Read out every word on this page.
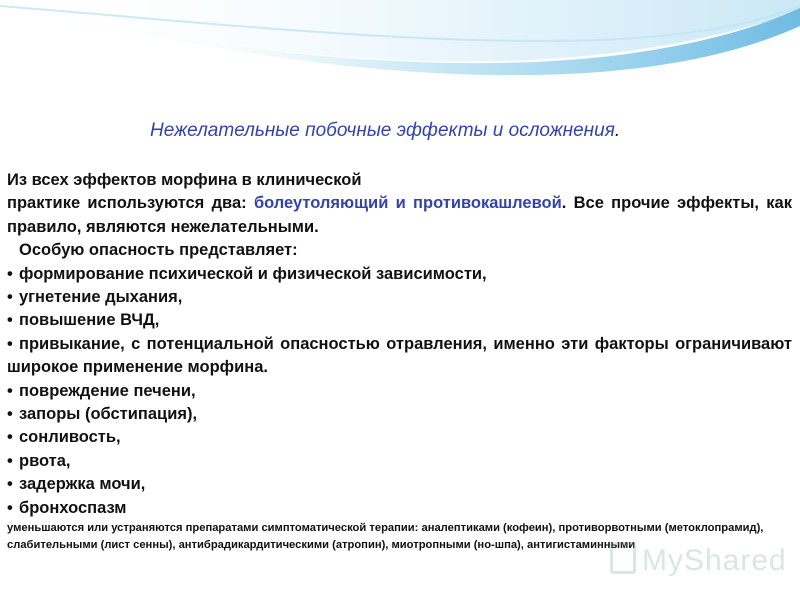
Нежелательные побочные эффекты и осложнения.

Из всех эффектов морфина в клинической

практике используются два: болеутоляющий и противокашлевой. Все прочие эффекты, как правило, являются нежелательными.

Особую опасность представляет:

• формирование психической и физической зависимости,

• угнетение дыхания,

• повышение ВЧД,

• привыкание, с потенциальной опасностью отравления, именно эти факторы ограничивают широкое применение морфина.

• повреждение печени,

• запоры (обстипация),

• сонливость,

• рвота,

• задержка мочи,

• бронхоспазм

уменьшаются или устраняются препаратами симптоматической терапии: аналептиками (кофеин), противорвотными (метоклопрамид), слабительными (лист сенны), антибрадикардитическими (атропин), миотропными (но-шпа), антигистаминными MyShared
